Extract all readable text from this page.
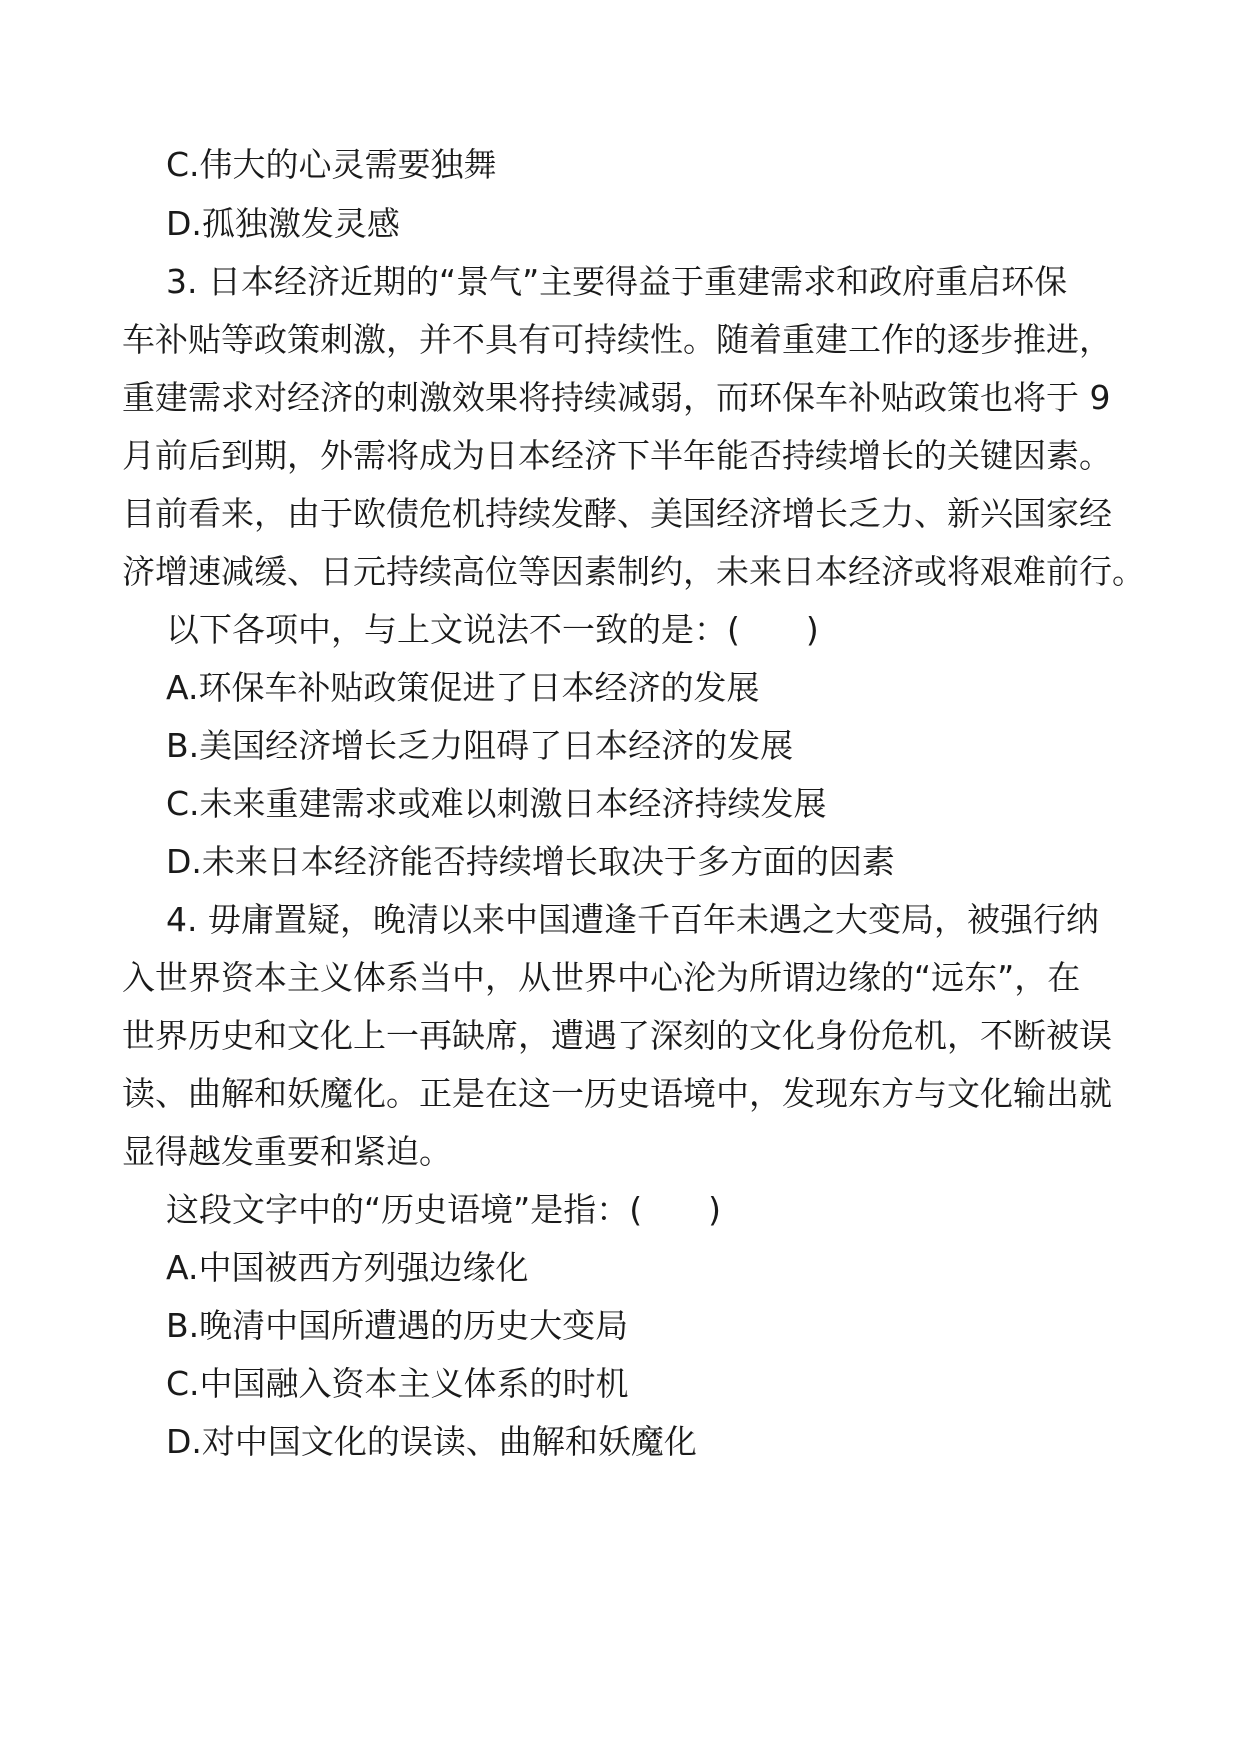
C.伟大的心灵需要独舞
D.孤独激发灵感
3. 日本经济近期的“景气”主要得益于重建需求和政府重启环保
车补贴等政策刺激，并不具有可持续性。随着重建工作的逐步推进，
重建需求对经济的刺激效果将持续减弱，而环保车补贴政策也将于 9
月前后到期，外需将成为日本经济下半年能否持续增长的关键因素。
目前看来，由于欧债危机持续发酵、美国经济增长乏力、新兴国家经
济增速减缓、日元持续高位等因素制约，未来日本经济或将艰难前行。
以下各项中，与上文说法不一致的是：(　　)
A.环保车补贴政策促进了日本经济的发展
B.美国经济增长乏力阻碍了日本经济的发展
C.未来重建需求或难以刺激日本经济持续发展
D.未来日本经济能否持续增长取决于多方面的因素
4. 毋庸置疑，晚清以来中国遭逢千百年未遇之大变局，被强行纳
入世界资本主义体系当中，从世界中心沦为所谓边缘的“远东”，在
世界历史和文化上一再缺席，遭遇了深刻的文化身份危机，不断被误
读、曲解和妖魔化。正是在这一历史语境中，发现东方与文化输出就
显得越发重要和紧迫。
这段文字中的“历史语境”是指：(　　)
A.中国被西方列强边缘化
B.晚清中国所遭遇的历史大变局
C.中国融入资本主义体系的时机
D.对中国文化的误读、曲解和妖魔化
